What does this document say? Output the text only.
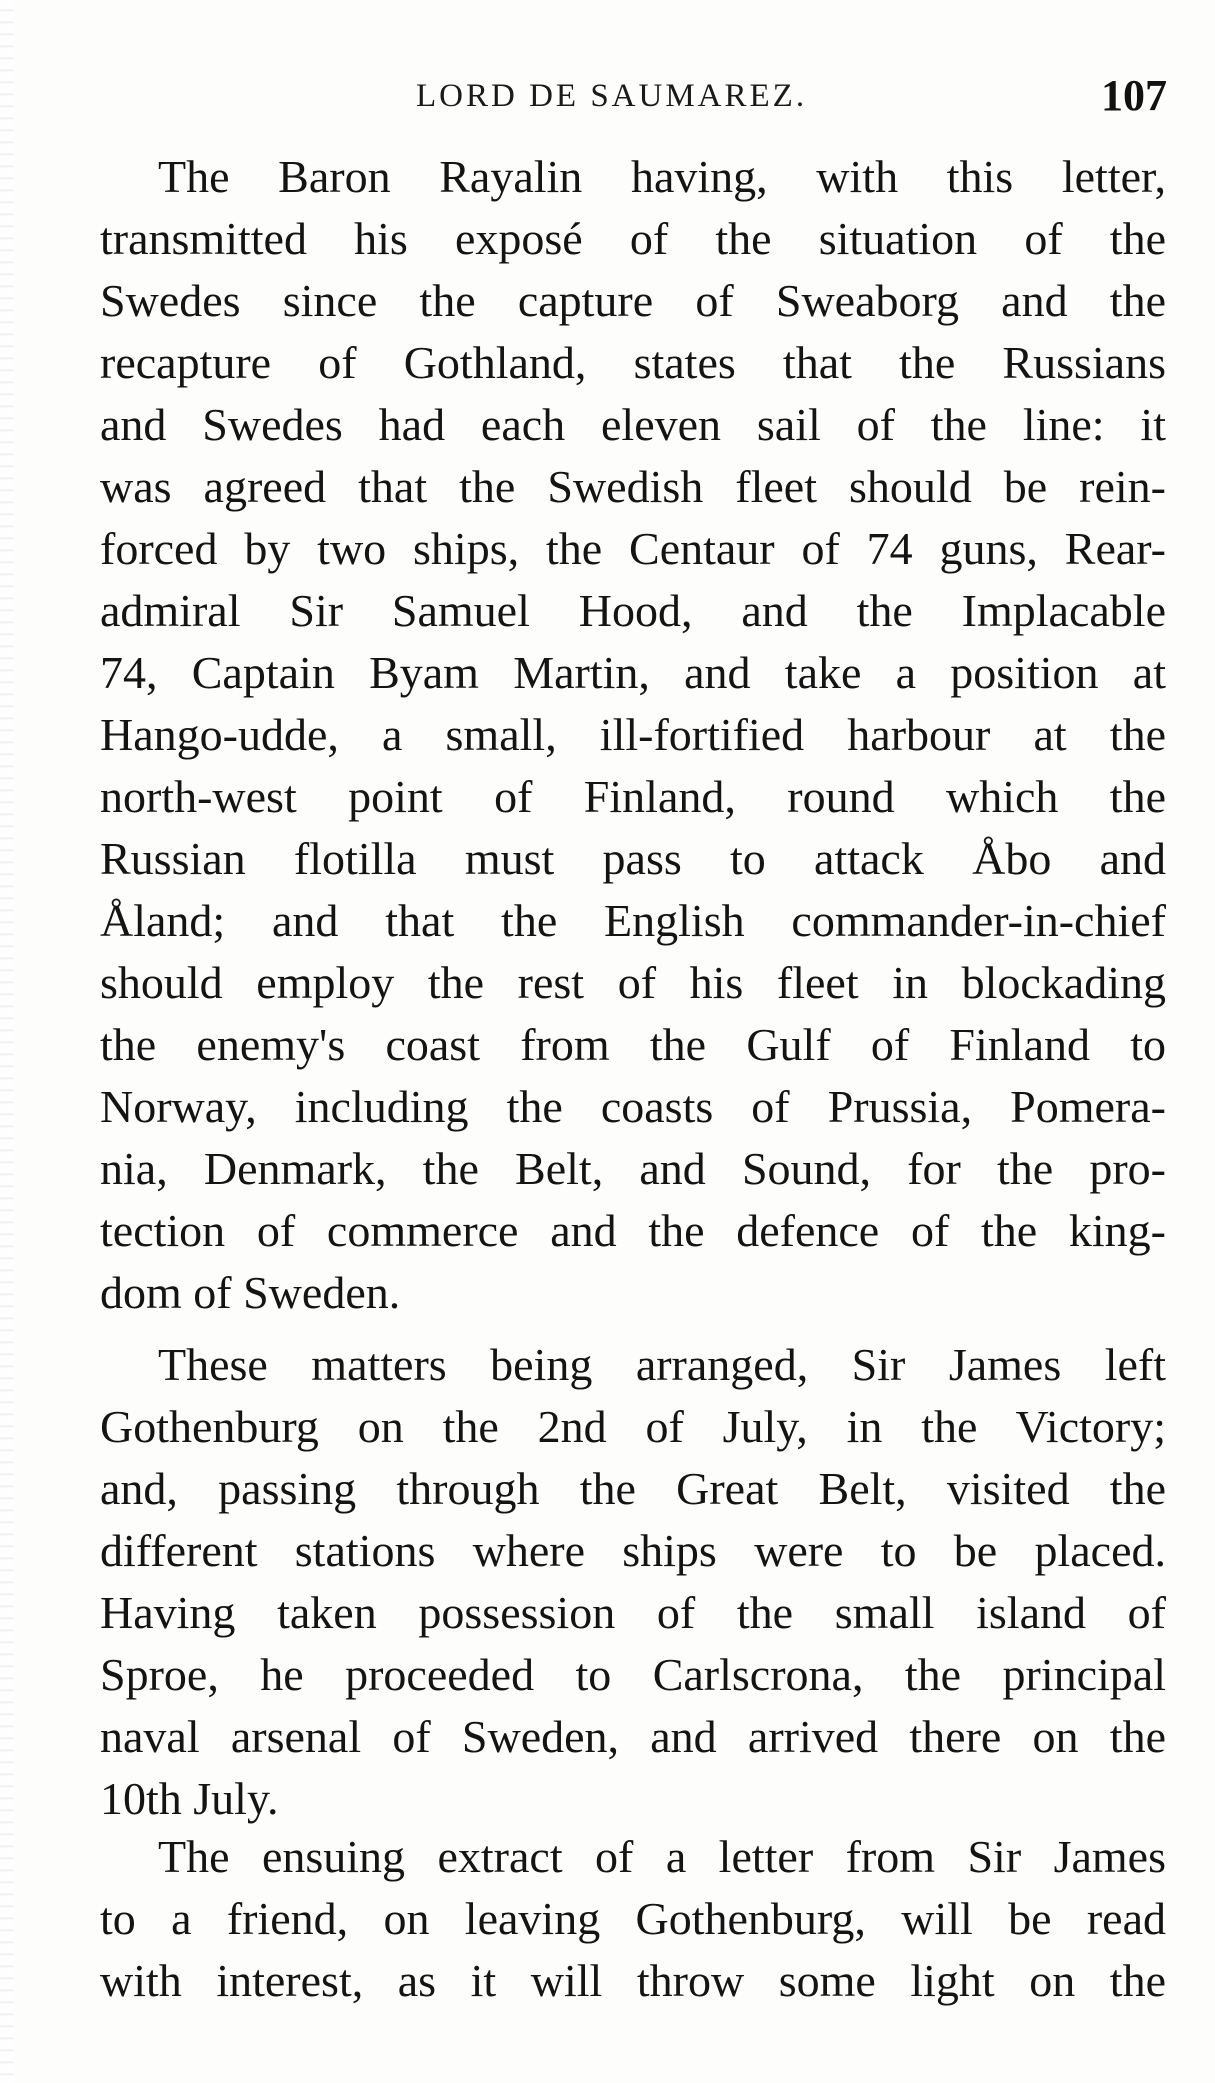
LORD DE SAUMAREZ.	107
The Baron Rayalin having, with this letter,
transmitted his exposé of the situation of the
Swedes since the capture of Sweaborg and the
recapture of Gothland, states that the Russians
and Swedes had each eleven sail of the line: it
was agreed that the Swedish fleet should be rein-
forced by two ships, the Centaur of 74 guns, Rear-
admiral Sir Samuel Hood, and the Implacable
74, Captain Byam Martin, and take a position at
Hango-udde, a small, ill-fortified harbour at the
north-west point of Finland, round which the
Russian flotilla must pass to attack Åbo and
Åland; and that the English commander-in-chief
should employ the rest of his fleet in blockading
the enemy's coast from the Gulf of Finland to
Norway, including the coasts of Prussia, Pomera-
nia, Denmark, the Belt, and Sound, for the pro-
tection of commerce and the defence of the king-
dom of Sweden.
These matters being arranged, Sir James left
Gothenburg on the 2nd of July, in the Victory;
and, passing through the Great Belt, visited the
different stations where ships were to be placed.
Having taken possession of the small island of
Sproe, he proceeded to Carlscrona, the principal
naval arsenal of Sweden, and arrived there on the
10th July.
The ensuing extract of a letter from Sir James
to a friend, on leaving Gothenburg, will be read
with interest, as it will throw some light on the
